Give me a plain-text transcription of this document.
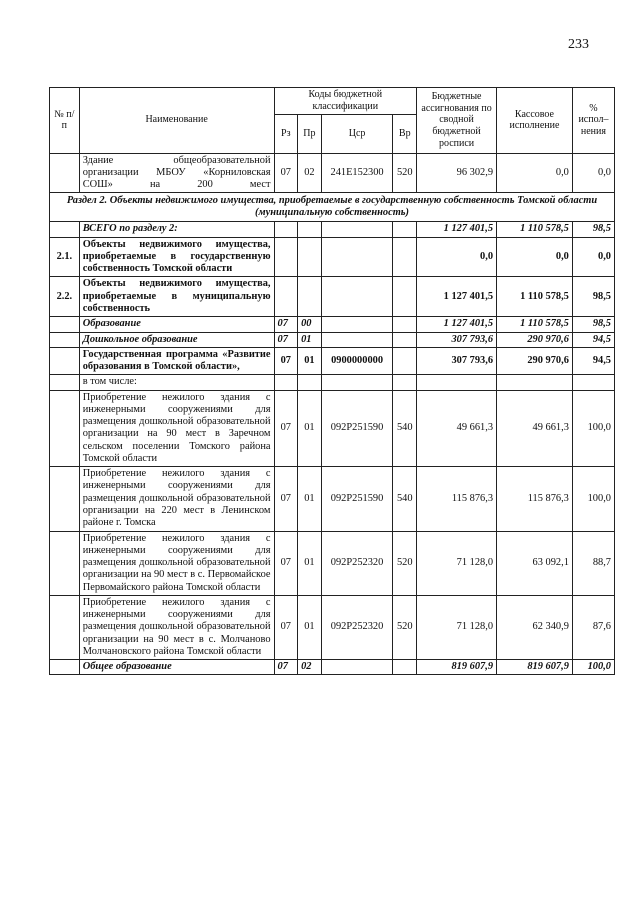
233
№ п/п	Наименование	Коды бюджетной классификации				Бюджетные ассигнования по сводной бюджетной росписи	Кассовое исполнение	% испол– нения
		Рз	Пр	Цср	Вр			
	Здание общеобразовательной организации МБОУ «Корниловская СОШ» на 200 мест	07	02	241E152300	520	96 302,9	0,0	0,0
Раздел 2. Объекты недвижимого имущества, приобретаемые в государственную собственность Томской области (муниципальную собственность)								
	ВСЕГО по разделу 2:					1 127 401,5	1 110 578,5	98,5
2.1.	Объекты недвижимого имущества, приобретаемые в государственную собственность Томской области					0,0	0,0	0,0
2.2.	Объекты недвижимого имущества, приобретаемые в муниципальную собственность					1 127 401,5	1 110 578,5	98,5
	Образование	07	00			1 127 401,5	1 110 578,5	98,5
	Дошкольное образование	07	01			307 793,6	290 970,6	94,5
	Государственная программа «Развитие образования в Томской области»,	07	01	0900000000		307 793,6	290 970,6	94,5
	в том числе:							
	Приобретение нежилого здания с инженерными сооружениями для размещения дошкольной образовательной организации на 90 мест в Заречном сельском поселении Томского района Томской области	07	01	092P251590	540	49 661,3	49 661,3	100,0
	Приобретение нежилого здания с инженерными сооружениями для размещения дошкольной образовательной организации на 220 мест в Ленинском районе г. Томска	07	01	092P251590	540	115 876,3	115 876,3	100,0
	Приобретение нежилого здания с инженерными сооружениями для размещения дошкольной образовательной организации на 90 мест в с. Первомайское Первомайского района Томской области	07	01	092P252320	520	71 128,0	63 092,1	88,7
	Приобретение нежилого здания с инженерными сооружениями для размещения дошкольной образовательной организации на 90 мест в с. Молчаново Молчановского района Томской области	07	01	092P252320	520	71 128,0	62 340,9	87,6
	Общее образование	07	02			819 607,9	819 607,9	100,0
